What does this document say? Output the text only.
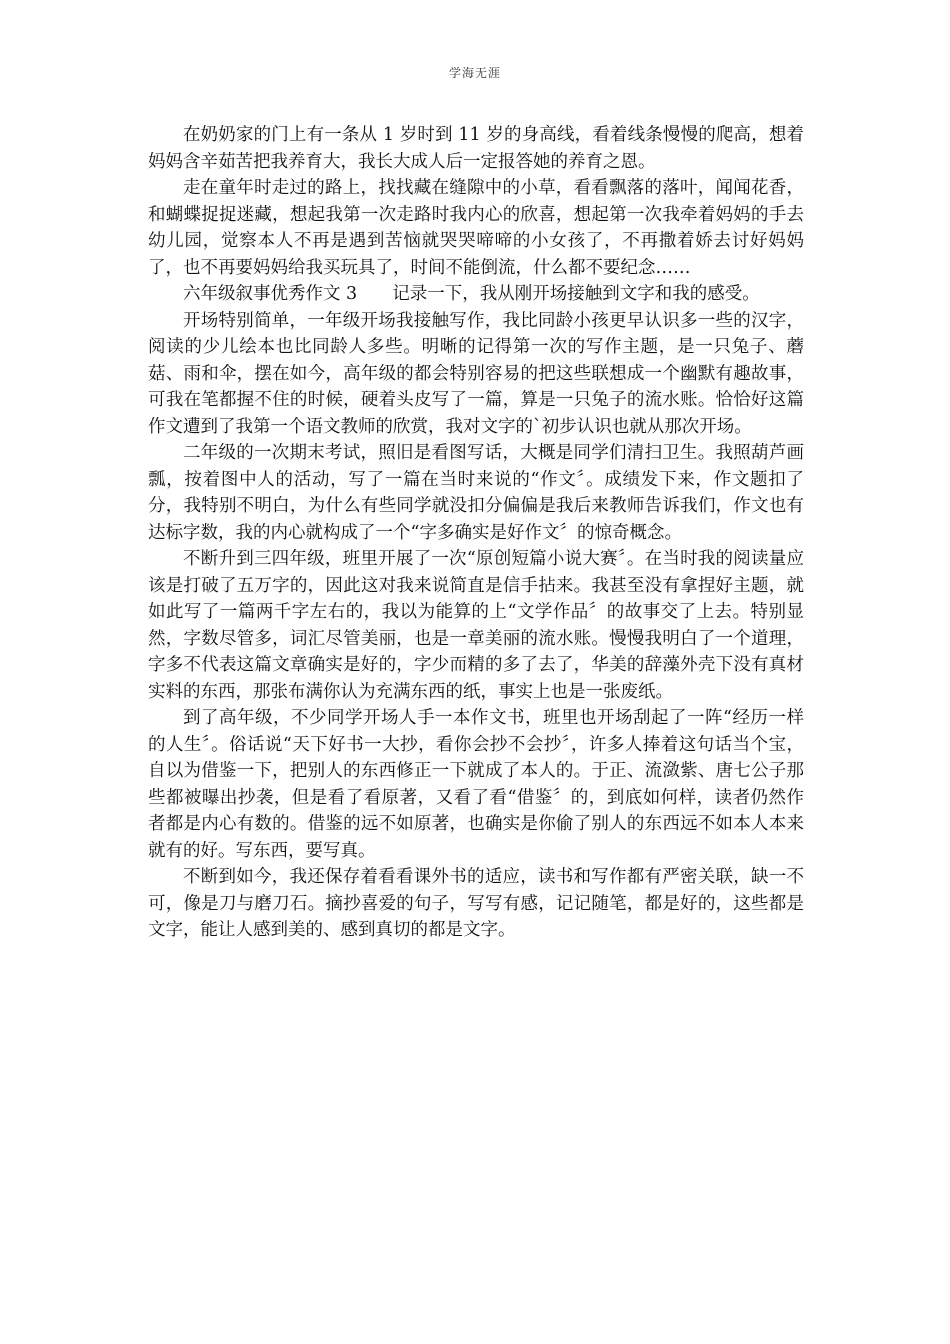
学海无涯

在奶奶家的门上有一条从 1 岁时到 11 岁的身高线，看着线条慢慢的爬高，想着妈妈含辛茹苦把我养育大，我长大成人后一定报答她的养育之恩。

走在童年时走过的路上，找找藏在缝隙中的小草，看看飘落的落叶，闻闻花香，和蝴蝶捉捉迷藏，想起我第一次走路时我内心的欣喜，想起第一次我牵着妈妈的手去幼儿园，觉察本人不再是遇到苦恼就哭哭啼啼的小女孩了，不再撒着娇去讨好妈妈了，也不再要妈妈给我买玩具了，时间不能倒流，什么都不要纪念……

六年级叙事优秀作文 3　　记录一下，我从刚开场接触到文字和我的感受。

开场特别简单，一年级开场我接触写作，我比同龄小孩更早认识多一些的汉字，阅读的少儿绘本也比同龄人多些。明晰的记得第一次的写作主题，是一只兔子、蘑菇、雨和伞，摆在如今，高年级的都会特别容易的把这些联想成一个幽默有趣故事，可我在笔都握不住的时候，硬着头皮写了一篇，算是一只兔子的流水账。恰恰好这篇作文遭到了我第一个语文教师的欣赏，我对文字的`初步认识也就从那次开场。

二年级的一次期末考试，照旧是看图写话，大概是同学们清扫卫生。我照葫芦画瓢，按着图中人的活动，写了一篇在当时来说的“作文〞。成绩发下来，作文题扣了分，我特别不明白，为什么有些同学就没扣分偏偏是我后来教师告诉我们，作文也有达标字数，我的内心就构成了一个“字多确实是好作文〞的惊奇概念。

不断升到三四年级，班里开展了一次“原创短篇小说大赛〞。在当时我的阅读量应该是打破了五万字的，因此这对我来说简直是信手拈来。我甚至没有拿捏好主题，就如此写了一篇两千字左右的，我以为能算的上“文学作品〞的故事交了上去。特别显然，字数尽管多，词汇尽管美丽，也是一章美丽的流水账。慢慢我明白了一个道理，字多不代表这篇文章确实是好的，字少而精的多了去了，华美的辞藻外壳下没有真材实料的东西，那张布满你认为充满东西的纸，事实上也是一张废纸。

到了高年级，不少同学开场人手一本作文书，班里也开场刮起了一阵“经历一样的人生〞。俗话说“天下好书一大抄，看你会抄不会抄〞，许多人捧着这句话当个宝，自以为借鉴一下，把别人的东西修正一下就成了本人的。于正、流潋紫、唐七公子那些都被曝出抄袭，但是看了看原著，又看了看“借鉴〞的，到底如何样，读者仍然作者都是内心有数的。借鉴的远不如原著，也确实是你偷了别人的东西远不如本人本来就有的好。写东西，要写真。

不断到如今，我还保存着看看课外书的适应，读书和写作都有严密关联，缺一不可，像是刀与磨刀石。摘抄喜爱的句子，写写有感，记记随笔，都是好的，这些都是文字，能让人感到美的、感到真切的都是文字。
